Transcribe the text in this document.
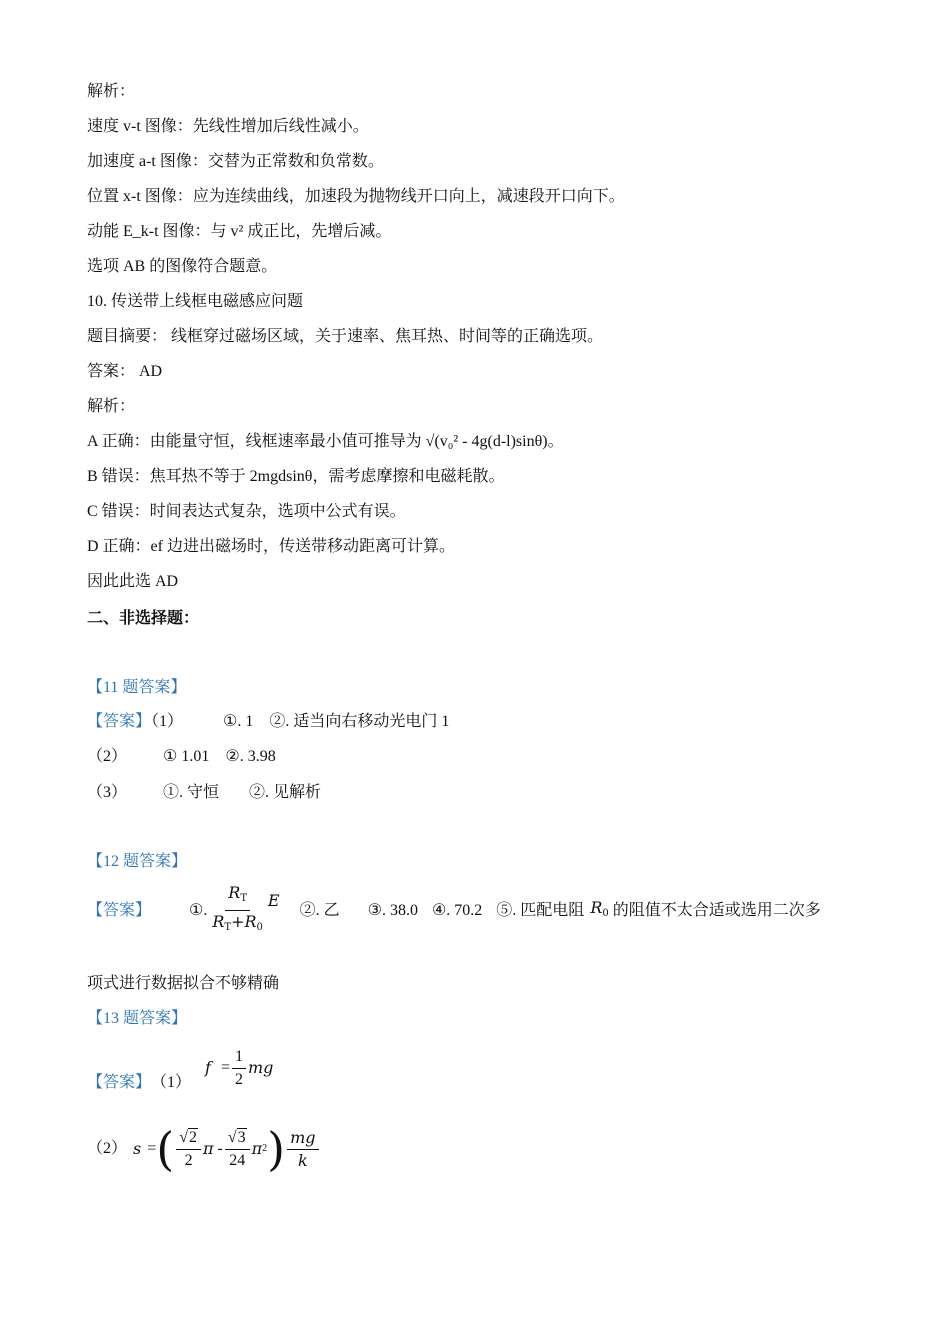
解析：
速度 v-t 图像：先线性增加后线性减小。
加速度 a-t 图像：交替为正常数和负常数。
位置 x-t 图像：应为连续曲线，加速段为抛物线开口向上，减速段开口向下。
动能 E_k-t 图像：与 v² 成正比，先增后减。
选项 AB 的图像符合题意。
10. 传送带上线框电磁感应问题
题目摘要： 线框穿过磁场区域，关于速率、焦耳热、时间等的正确选项。
答案： AD
解析：
A 正确：由能量守恒，线框速率最小值可推导为 √(v₀² - 4g(d-l)sinθ)。
B 错误：焦耳热不等于 2mgdsinθ，需考虑摩擦和电磁耗散。
C 错误：时间表达式复杂，选项中公式有误。
D 正确：ef 边进出磁场时，传送带移动距离可计算。
因此此选 AD
二、非选择题：
【11 题答案】
【答案】（1）	①. 1 ②. 适当向右移动光电门 1
（2） ① 1.01 ②. 3.98
（3） ①. 守恒 ②. 见解析
【12 题答案】
【答案】 ①. $\frac{R_T}{R_T+R_0}$ E
②. 乙 ③. 38.0 ④. 70.2 ⑤. 匹配电阻 $R_0$ 的阻值不太合适或选用二次多
项式进行数据拟合不够精确
【13 题答案】
【答案】 （1）
$f = \frac{1}{2}$ mg
（2） s = ( $\frac{√2}{2}$ π - $\frac{√3}{24}$ π 2 ) $\frac{mg}{k}$
